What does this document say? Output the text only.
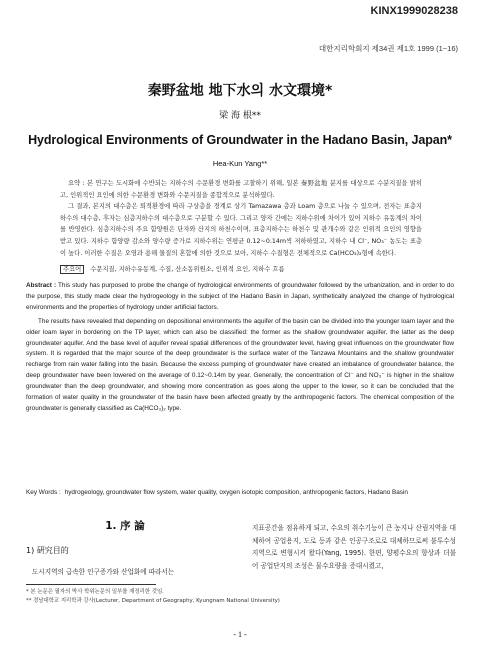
KINX1999028238
대한지리학회지 제34권 제1호 1999 (1~16)
秦野盆地 地下水의 水文環境*
梁 海 根**
Hydrological Environments of Groundwater in the Hadano Basin, Japan*
Hea-Kun Yang**

요약 : 본 연구는 도시화에 수반되는 지하수의 수문환경 변화를 고찰하기 위해, 일본 秦野盆地 분지를 대상으로 수분지질을 밝히고, 인위적인 요인에 의한 수문환경 변화와 수문지질을 종합적으로 분석하였다.

그 결과, 본지의 대수층은 퇴적환경에 따라 구상층을 경계로 상기 Tamazawa 층과 Loam 층으로 나눌 수 있으며, 전자는 표층지하수의 대수층, 후자는 심층지하수의 대수층으로 구분할 수 있다. 그리고 양자 간에는 지하수위에 차이가 있어 지하수 유동계의 차이를 반영한다. 심층지하수의 주요 함양원은 단자와 산지의 하천수이며, 표층지하수는 하천수 및 관개수와 같은 인위적 요인의 영향을 받고 있다. 지하수 함양량 감소와 양수량 증가로 지하수위는 연평균 0.12~0.14m씩 저하하였고, 지하수 내 Cl⁻, NO₃⁻ 농도는 표층이 높다. 이러한 수질은 오염과 용해 물질의 혼합에 의한 것으로 보아, 지하수 수질형은 전체적으로 Ca(HCO₃)₂형에 속한다.

주요어 수문지질, 지하수유동계, 수질, 산소동위원소, 인위적 요인, 지하수 흐름

Abstract : This study has purposed to probe the change of hydrological environments of groundwater followed by the urbanization, and in order to do the purpose, this study made clear the hydrogeology in the subject of the Hadano Basin in Japan, synthetically analyzed the change of hydrological environments and the properties of hydrology under artificial factors.

The results have revealed that depending on depositional environments the aquifer of the basin can be divided into the younger loam layer and the older loam layer in bordering on the TP layer, which can also be classified: the former as the shallow groundwater aquifer, the latter as the deep groundwater aquifer. And the base level of aquifer reveal spatial differences of the groundwater level, having great influences on the groundwater flow system. It is regarded that the major source of the deep groundwater is the surface water of the Tanzawa Mountains and the shallow groundwater recharge from rain water falling into the basin. Because the excess pumping of groundwater have created an imbalance of groundwater balance, the deep groundwater have been lowered on the average of 0.12~0.14m by year. Generally, the concentration of Cl⁻ and NO₃⁻ is higher in the shallow groundwater than the deep groundwater, and showing more concentration as goes along the upper to the lower, so it can be concluded that the formation of water quality in the groundwater of the basin have been affected greatly by the anthropogenic factors. The chemical composition of the groundwater is generally classified as Ca(HCO₃)₂ type.

Key Words : hydrogeology, groundwater flow system, water quality, oxygen isotopic composition, anthropogenic factors, Hadano Basin
1. 序 論
1) 硏究目的
도시지역의 급속한 인구증가와 산업화에 따라서는
지표공간을 점유하게 되고, 수요의 취수기능이 큰 농지나 산림지역을 대체하여 공업용지, 도로 등과 같은 인공구조로로 대체하므로써 불투수성 지역으로 변형시켜 왔다(Yang, 1995). 한편, 양평수요의 향상과 더불어 공업단지의 조성은 물수요량을 증대시켰고,
* 본 논문은 필자의 박사 학위논문의 일부를 재정리한 것임.
** 경남대학교 지리학과 강사(Lecturer, Department of Geography, Kyungnam National University)
- 1 -
